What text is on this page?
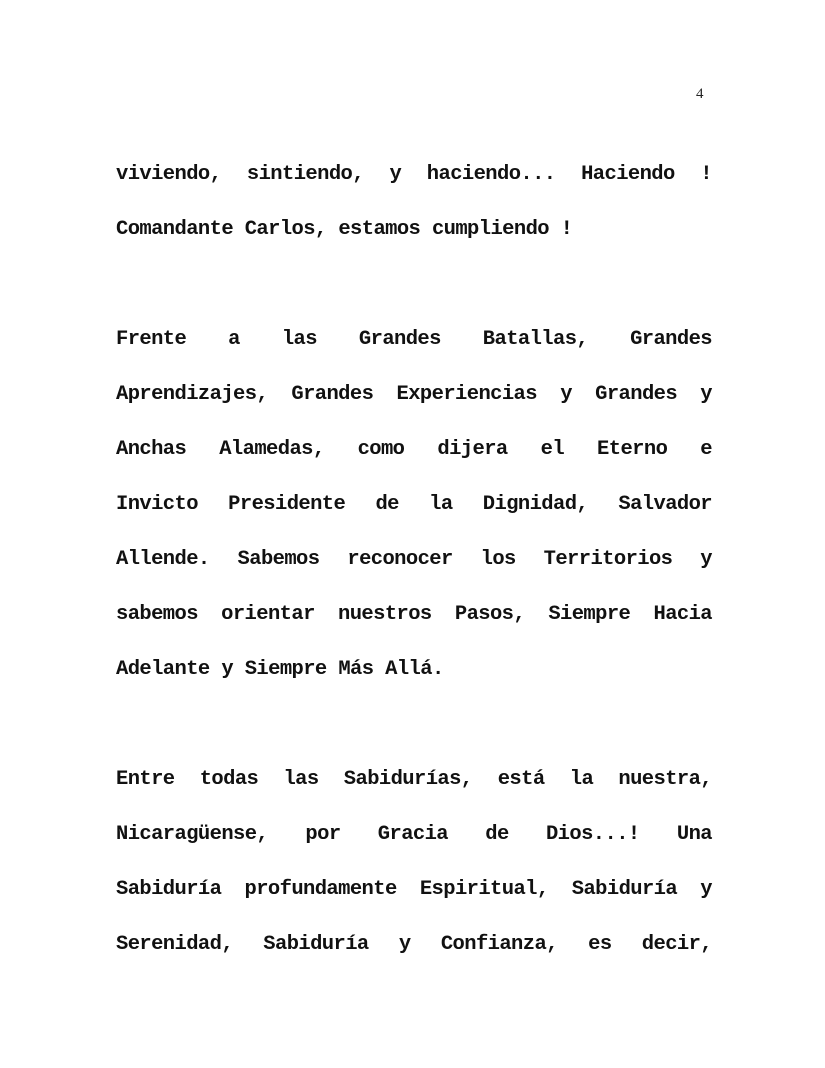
4
viviendo, sintiendo, y haciendo... Haciendo !
Comandante Carlos, estamos cumpliendo !
Frente a las Grandes Batallas, Grandes
Aprendizajes, Grandes Experiencias y Grandes y
Anchas Alamedas, como dijera el Eterno e
Invicto Presidente de la Dignidad, Salvador
Allende. Sabemos reconocer los Territorios y
sabemos orientar nuestros Pasos, Siempre Hacia
Adelante y Siempre Más Allá.
Entre todas las Sabidurías, está la nuestra,
Nicaragüense, por Gracia de Dios...! Una
Sabiduría profundamente Espiritual, Sabiduría y
Serenidad, Sabiduría y Confianza, es decir,
